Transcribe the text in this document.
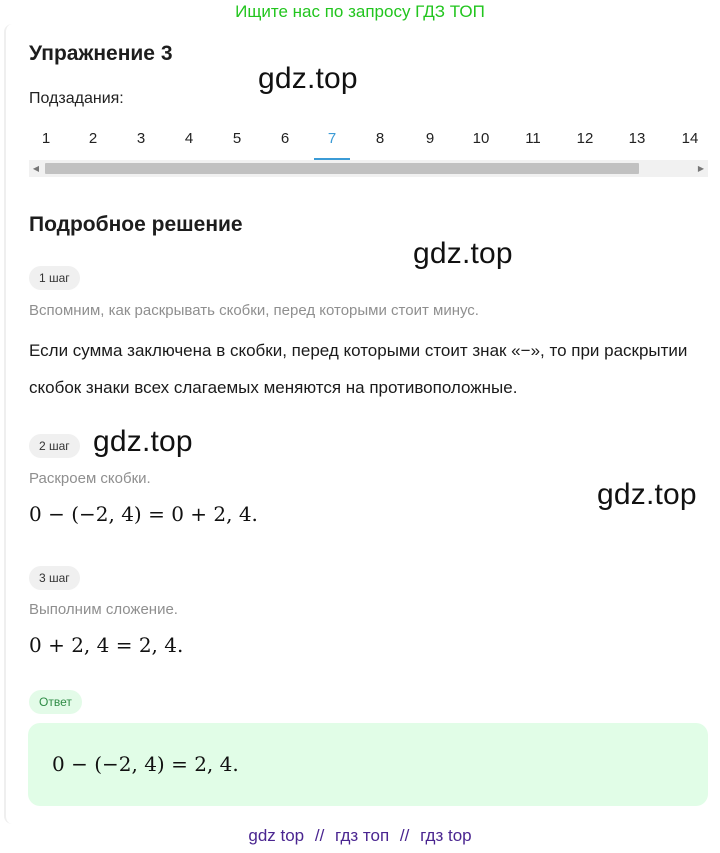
Ищите нас по запросу ГДЗ ТОП
Упражнение 3
Подзадания:
1	2	3	4	5	6	7	8	9	10	11	12	13	14
◀	▶
gdz.top
gdz.top
gdz.top
gdz.top
Подробное решение
1 шаг
Вспомним, как раскрывать скобки, перед которыми стоит минус.
Если сумма заключена в скобки, перед которыми стоит знак «−», то при раскрытии скобок знаки всех слагаемых меняются на противоположные.
2 шаг
Раскроем скобки.
0 − (−2, 4) = 0 + 2, 4.
3 шаг
Выполним сложение.
0 + 2, 4 = 2, 4.
Ответ
0 − (−2, 4) = 2, 4.
gdz top // гдз топ // гдз top
